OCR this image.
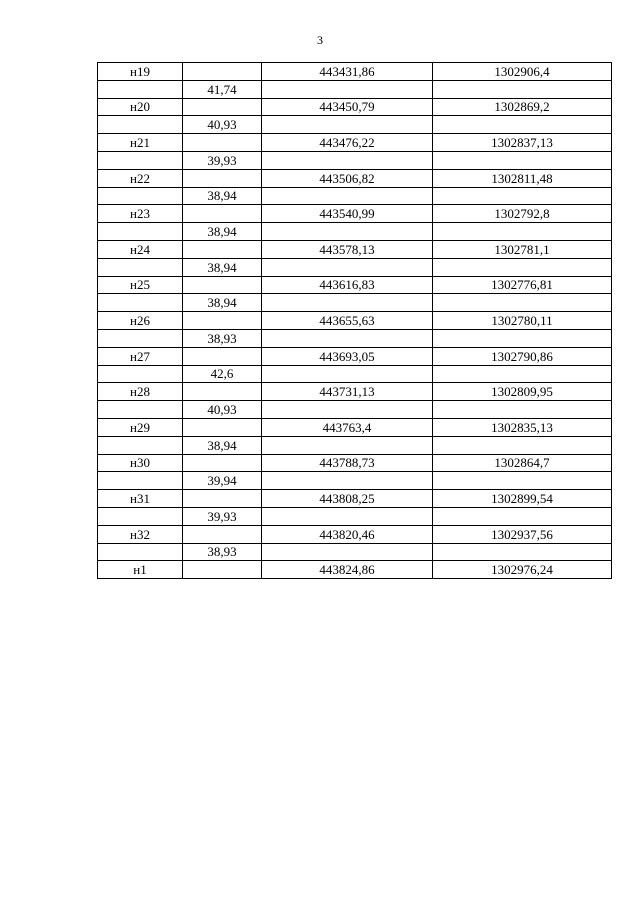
3
н19		443431,86	1302906,4
	41,74		
н20		443450,79	1302869,2
	40,93		
н21		443476,22	1302837,13
	39,93		
н22		443506,82	1302811,48
	38,94		
н23		443540,99	1302792,8
	38,94		
н24		443578,13	1302781,1
	38,94		
н25		443616,83	1302776,81
	38,94		
н26		443655,63	1302780,11
	38,93		
н27		443693,05	1302790,86
	42,6		
н28		443731,13	1302809,95
	40,93		
н29		443763,4	1302835,13
	38,94		
н30		443788,73	1302864,7
	39,94		
н31		443808,25	1302899,54
	39,93		
н32		443820,46	1302937,56
	38,93		
н1		443824,86	1302976,24
